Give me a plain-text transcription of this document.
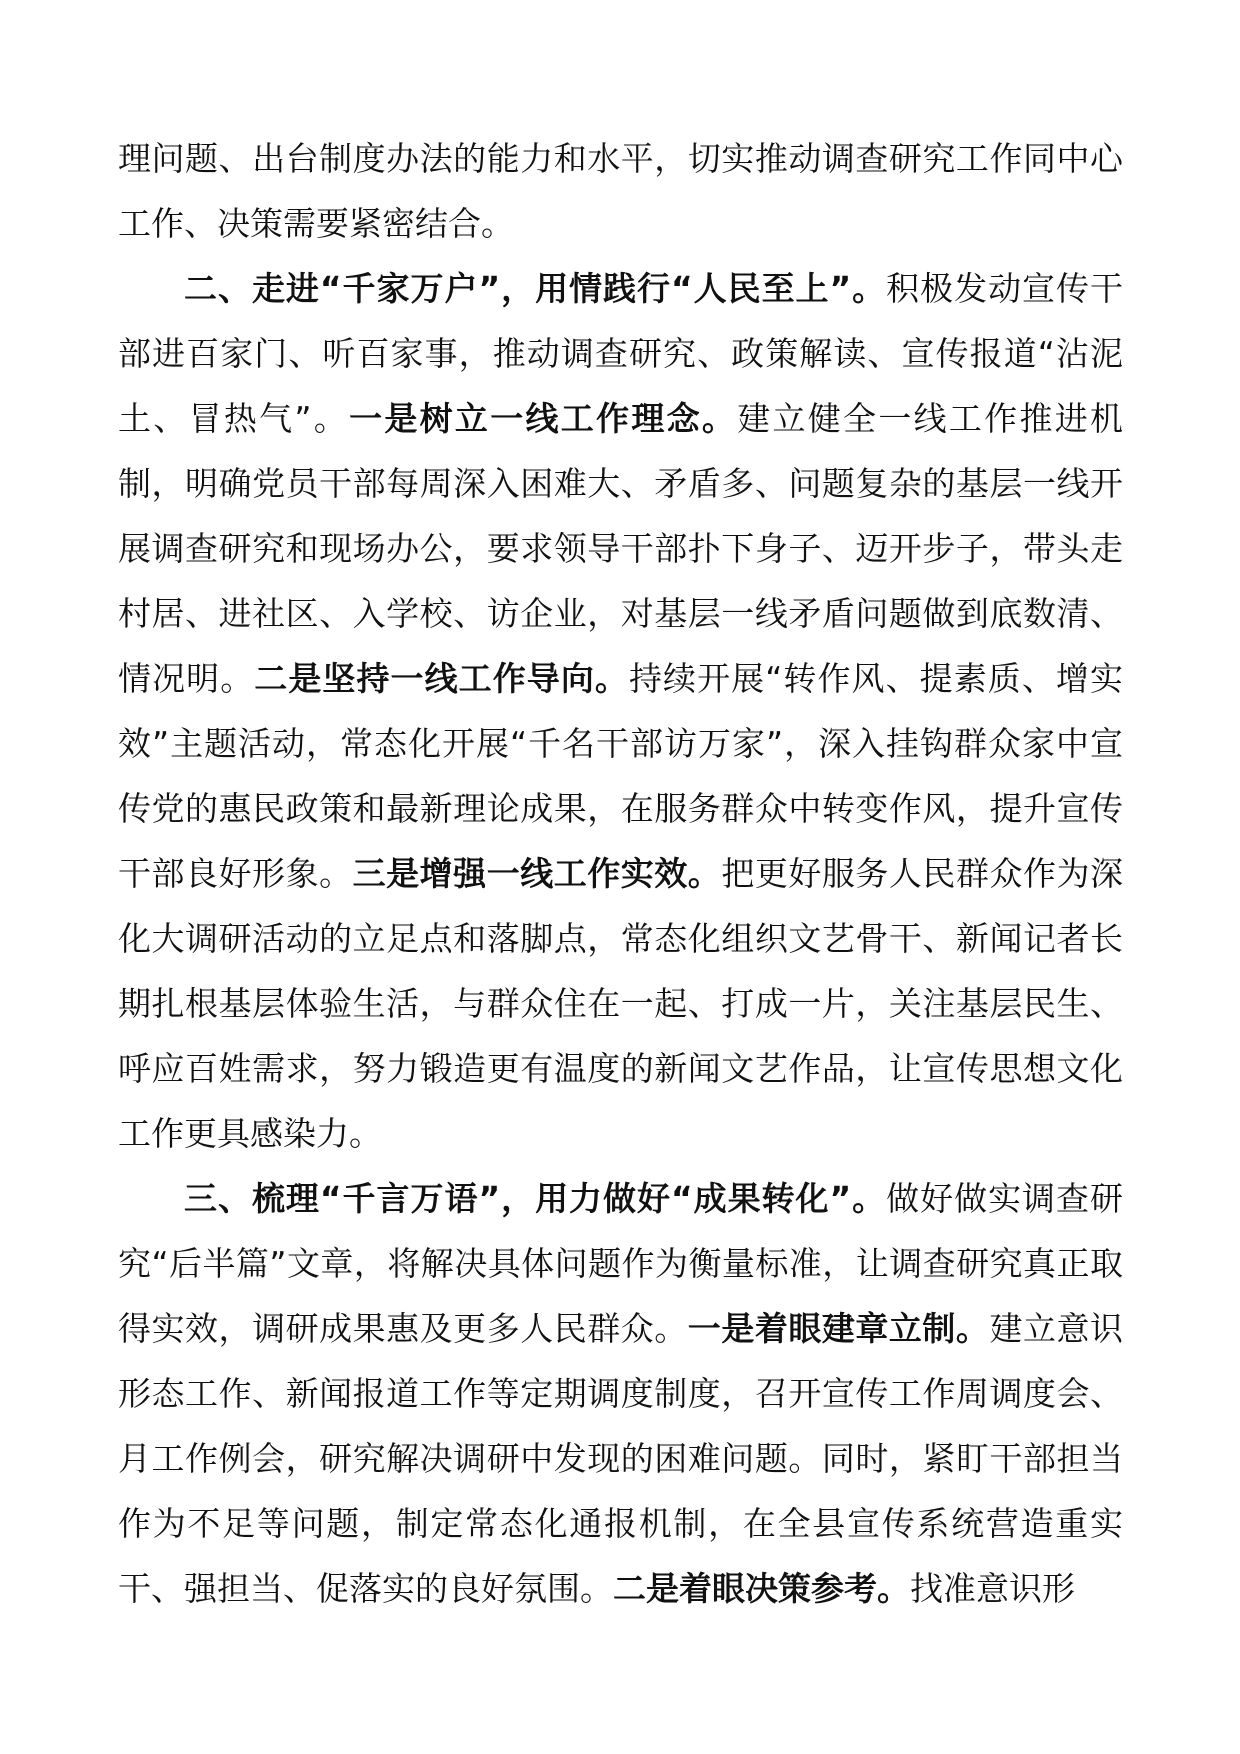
理问题、出台制度办法的能力和水平，切实推动调查研究工作同中心工作、决策需要紧密结合。

二、走进“千家万户”，用情践行“人民至上”。积极发动宣传干部进百家门、听百家事，推动调查研究、政策解读、宣传报道“沾泥土、冒热气”。一是树立一线工作理念。建立健全一线工作推进机制，明确党员干部每周深入困难大、矛盾多、问题复杂的基层一线开展调查研究和现场办公，要求领导干部扑下身子、迈开步子，带头走村居、进社区、入学校、访企业，对基层一线矛盾问题做到底数清、情况明。二是坚持一线工作导向。持续开展“转作风、提素质、增实效”主题活动，常态化开展“千名干部访万家”，深入挂钩群众家中宣传党的惠民政策和最新理论成果，在服务群众中转变作风，提升宣传干部良好形象。三是增强一线工作实效。把更好服务人民群众作为深化大调研活动的立足点和落脚点，常态化组织文艺骨干、新闻记者长期扎根基层体验生活，与群众住在一起、打成一片，关注基层民生、呼应百姓需求，努力锻造更有温度的新闻文艺作品，让宣传思想文化工作更具感染力。

三、梳理“千言万语”，用力做好“成果转化”。做好做实调查研究“后半篇”文章，将解决具体问题作为衡量标准，让调查研究真正取得实效，调研成果惠及更多人民群众。一是着眼建章立制。建立意识形态工作、新闻报道工作等定期调度制度，召开宣传工作周调度会、月工作例会，研究解决调研中发现的困难问题。同时，紧盯干部担当作为不足等问题，制定常态化通报机制，在全县宣传系统营造重实干、强担当、促落实的良好氛围。二是着眼决策参考。找准意识形
